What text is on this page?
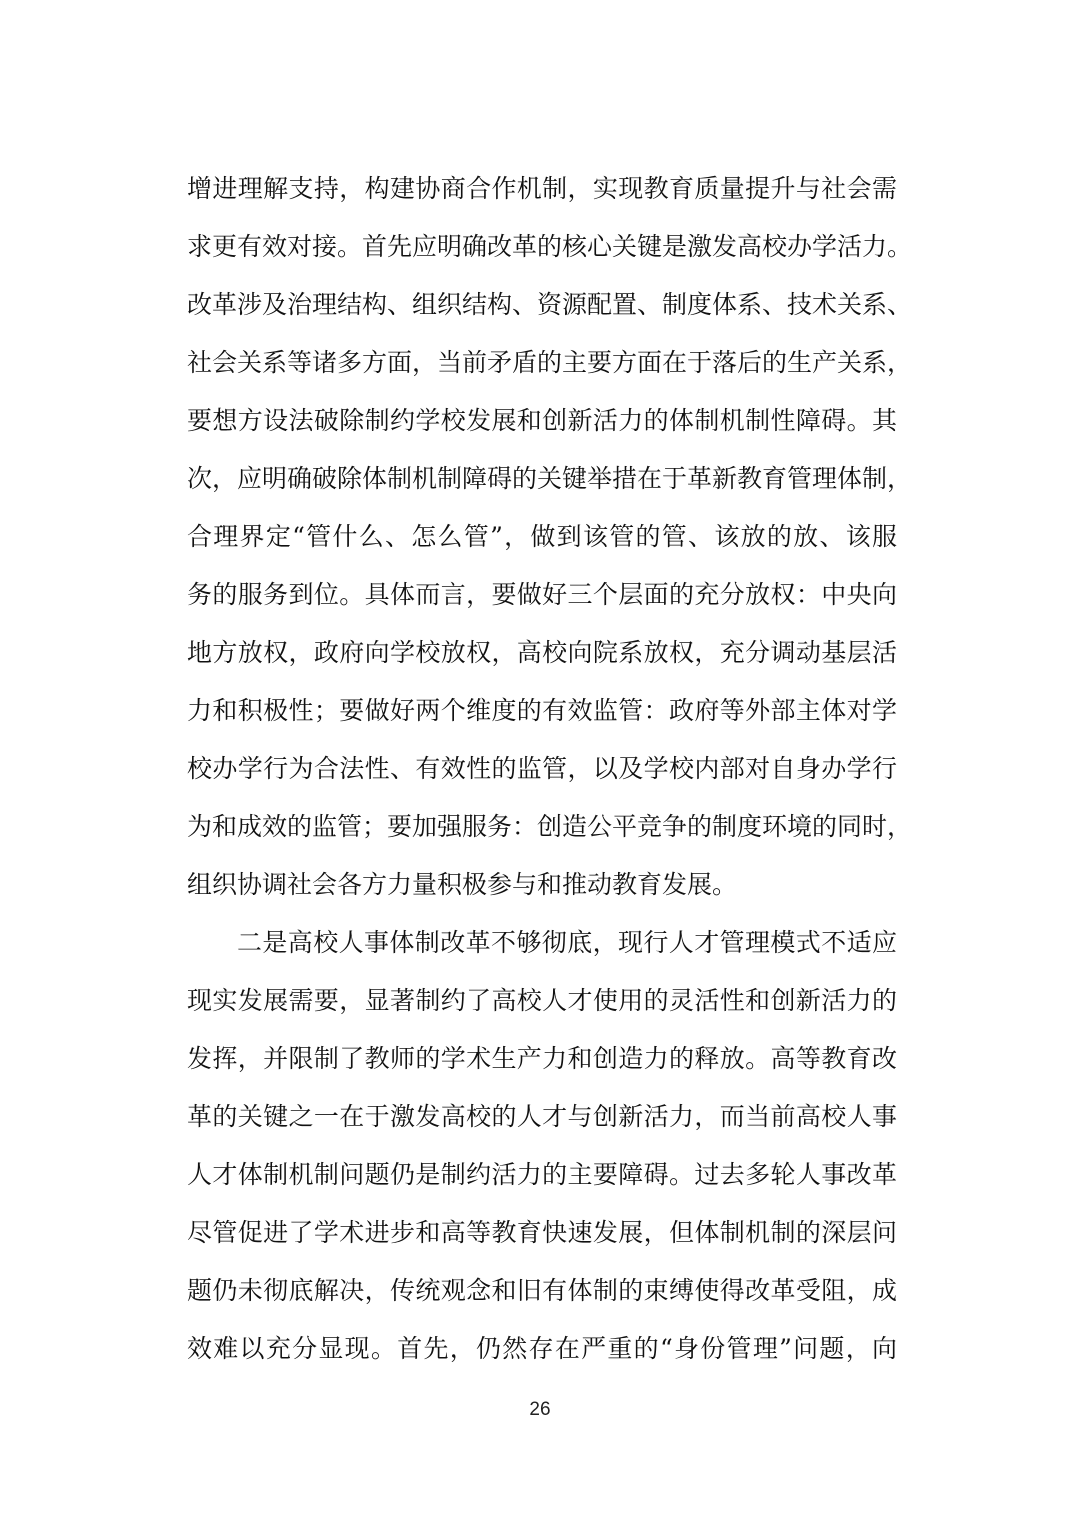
增进理解支持，构建协商合作机制，实现教育质量提升与社会需
求更有效对接。首先应明确改革的核心关键是激发高校办学活力。
改革涉及治理结构、组织结构、资源配置、制度体系、技术关系、
社会关系等诸多方面，当前矛盾的主要方面在于落后的生产关系，
要想方设法破除制约学校发展和创新活力的体制机制性障碍。其
次，应明确破除体制机制障碍的关键举措在于革新教育管理体制，
合理界定“管什么、怎么管”，做到该管的管、该放的放、该服
务的服务到位。具体而言，要做好三个层面的充分放权：中央向
地方放权，政府向学校放权，高校向院系放权，充分调动基层活
力和积极性；要做好两个维度的有效监管：政府等外部主体对学
校办学行为合法性、有效性的监管，以及学校内部对自身办学行
为和成效的监管；要加强服务：创造公平竞争的制度环境的同时，
组织协调社会各方力量积极参与和推动教育发展。
二是高校人事体制改革不够彻底，现行人才管理模式不适应
现实发展需要，显著制约了高校人才使用的灵活性和创新活力的
发挥，并限制了教师的学术生产力和创造力的释放。高等教育改
革的关键之一在于激发高校的人才与创新活力，而当前高校人事
人才体制机制问题仍是制约活力的主要障碍。过去多轮人事改革
尽管促进了学术进步和高等教育快速发展，但体制机制的深层问
题仍未彻底解决，传统观念和旧有体制的束缚使得改革受阻，成
效难以充分显现。首先，仍然存在严重的“身份管理”问题，向
26
